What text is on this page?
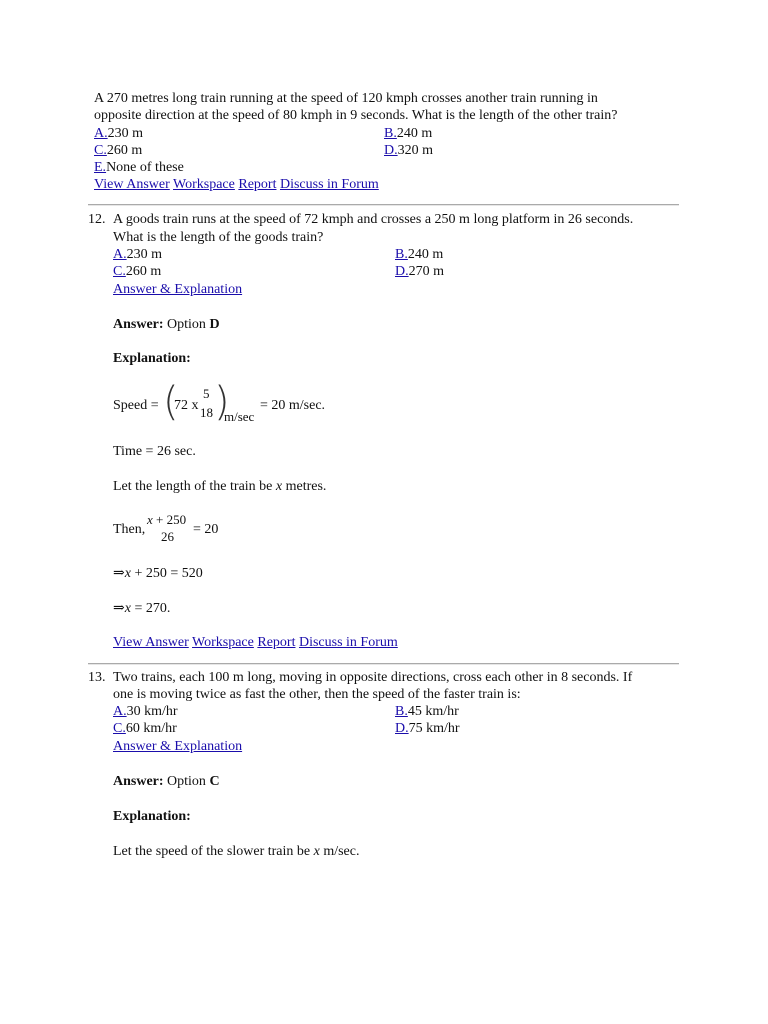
A 270 metres long train running at the speed of 120 kmph crosses another train running in
opposite direction at the speed of 80 kmph in 9 seconds. What is the length of the other train?
A.230 m	B.240 m
C.260 m	D.320 m
E.None of these
View Answer Workspace Report Discuss in Forum
12. A goods train runs at the speed of 72 kmph and crosses a 250 m long platform in 26 seconds.
What is the length of the goods train?
A.230 m	B.240 m
C.260 m	D.270 m
Answer & Explanation
Answer: Option D
Explanation:
Speed = (
72 x
5
18 )
m/sec
= 20 m/sec.
Time = 26 sec.
Let the length of the train be x metres.
Then,
x + 250
26 = 20
⇒x + 250 = 520
⇒x = 270.
View Answer Workspace Report Discuss in Forum
13. Two trains, each 100 m long, moving in opposite directions, cross each other in 8 seconds. If
one is moving twice as fast the other, then the speed of the faster train is:
A.30 km/hr	B.45 km/hr
C.60 km/hr	D.75 km/hr
Answer & Explanation
Answer: Option C
Explanation:
Let the speed of the slower train be x m/sec.
